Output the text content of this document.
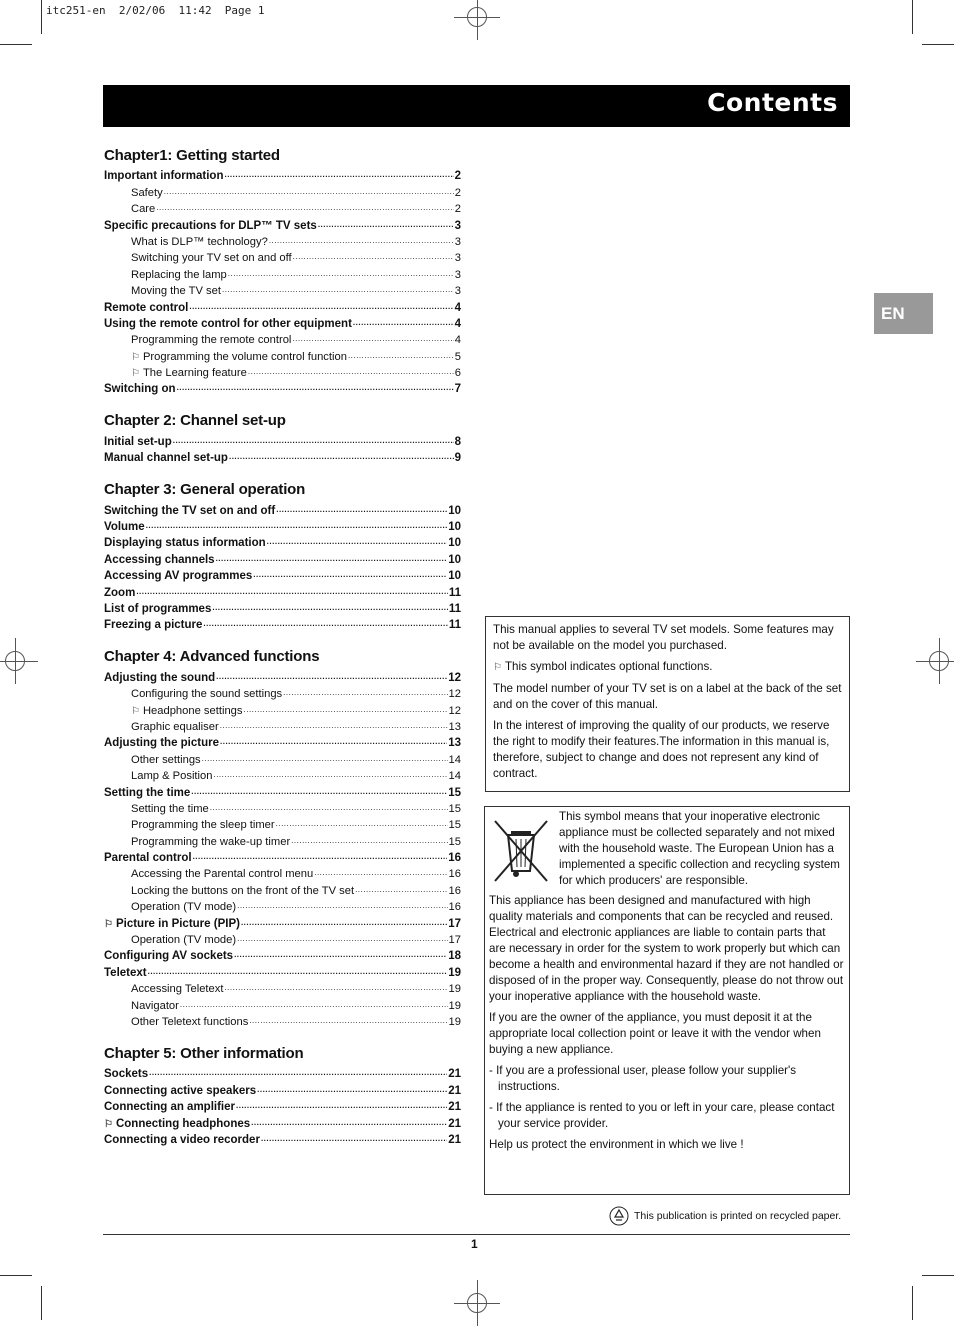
itc251-en  2/02/06  11:42  Page 1
Contents
EN
Chapter1: Getting started
Important information .....	2
Safety .....	2
Care .....	2
Specific precautions for DLP™ TV sets .....	3
What is DLP™ technology? .....	3
Switching your TV set on and off .....	3
Replacing the lamp .....	3
Moving the TV set .....	3
Remote control .....	4
Using the remote control for other equipment .....	4
Programming the remote control .....	4
⚐ Programming the volume control function .....	5
⚐ The Learning feature .....	6
Switching on .....	7
Chapter 2: Channel set-up
Initial set-up .....	8
Manual channel set-up .....	9
Chapter 3: General operation
Switching the TV set on and off .....	10
Volume .....	10
Displaying status information .....	10
Accessing channels .....	10
Accessing AV programmes .....	10
Zoom .....	11
List of programmes .....	11
Freezing a picture .....	11
Chapter 4: Advanced functions
Adjusting the sound .....	12
Configuring the sound settings .....	12
⚐ Headphone settings .....	12
Graphic equaliser .....	13
Adjusting the picture .....	13
Other settings .....	14
Lamp & Position .....	14
Setting the time .....	15
Setting the time .....	15
Programming the sleep timer .....	15
Programming the wake-up timer .....	15
Parental control .....	16
Accessing the Parental control menu .....	16
Locking the buttons on the front of the TV set .....	16
Operation (TV mode) .....	16
⚐ Picture in Picture (PIP) .....	17
Operation (TV mode) .....	17
Configuring AV sockets .....	18
Teletext .....	19
Accessing Teletext .....	19
Navigator .....	19
Other Teletext functions .....	19
Chapter 5: Other information
Sockets .....	21
Connecting active speakers .....	21
Connecting an amplifier .....	21
⚐ Connecting headphones .....	21
Connecting a video recorder .....	21

This manual applies to several TV set models. Some features may not be available on the model you purchased.

⚐ This symbol indicates optional functions.

The model number of your TV set is on a label at the back of the set and on the cover of this manual.

In the interest of improving the quality of our products, we reserve the right to modify their features.The information in this manual is, therefore, subject to change and does not represent any kind of contract.

This symbol means that your inoperative electronic appliance must be collected separately and not mixed with the household waste. The European Union has a implemented a specific collection and recycling system for which producers' are responsible.

This appliance has been designed and manufactured with high quality materials and components that can be recycled and reused. Electrical and electronic appliances are liable to contain parts that are necessary in order for the system to work properly but which can become a health and environmental hazard if they are not handled or disposed of in the proper way. Consequently, please do not throw out your inoperative appliance with the household waste.

If you are the owner of the appliance, you must deposit it at the appropriate local collection point or leave it with the vendor when buying a new appliance.

- If you are a professional user, please follow your supplier's instructions.

- If the appliance is rented to you or left in your care, please contact your service provider.

Help us protect the environment in which we live !

This publication is printed on recycled paper.
1
